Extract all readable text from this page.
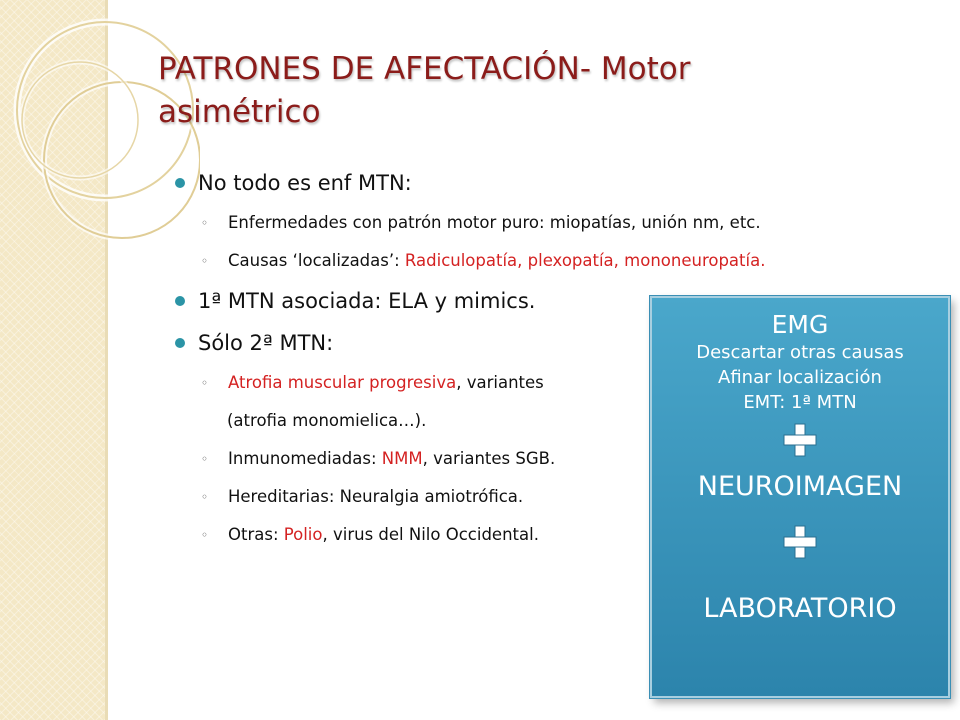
PATRONES DE AFECTACIÓN- Motor
asimétrico
No todo es enf MTN:
◦ Enfermedades con patrón motor puro: miopatías, unión nm, etc.
◦ Causas ‘localizadas’: Radiculopatía, plexopatía, mononeuropatía.
1ª MTN asociada: ELA y mimics.
Sólo 2ª MTN:
◦ Atrofia muscular progresiva, variantes
(atrofia monomielica…).
◦ Inmunomediadas: NMM, variantes SGB.
◦ Hereditarias: Neuralgia amiotrófica.
◦ Otras: Polio, virus del Nilo Occidental.
EMG
Descartar otras causas
Afinar localización
EMT: 1ª MTN
NEUROIMAGEN
LABORATORIO
